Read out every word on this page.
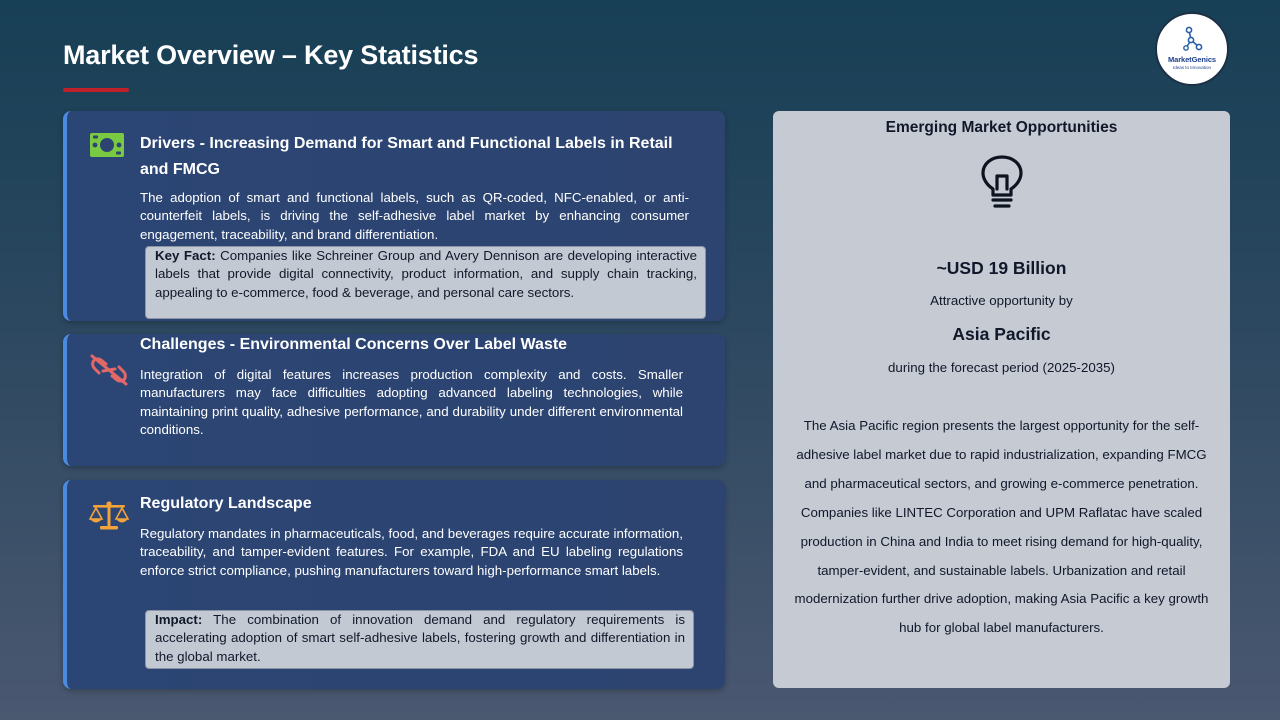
Market Overview – Key Statistics	MarketGenics
Ideas to Innovation
Drivers - Increasing Demand for Smart and Functional Labels in Retail and FMCG
The adoption of smart and functional labels, such as QR-coded, NFC-enabled, or anti-counterfeit labels, is driving the self-adhesive label market by enhancing consumer engagement, traceability, and brand differentiation.
Key Fact: Companies like Schreiner Group and Avery Dennison are developing interactive labels that provide digital connectivity, product information, and supply chain tracking, appealing to e-commerce, food & beverage, and personal care sectors.
Challenges - Environmental Concerns Over Label Waste
Integration of digital features increases production complexity and costs. Smaller manufacturers may face difficulties adopting advanced labeling technologies, while maintaining print quality, adhesive performance, and durability under different environmental conditions.
Regulatory Landscape
Regulatory mandates in pharmaceuticals, food, and beverages require accurate information, traceability, and tamper-evident features. For example, FDA and EU labeling regulations enforce strict compliance, pushing manufacturers toward high-performance smart labels.
Impact: The combination of innovation demand and regulatory requirements is accelerating adoption of smart self-adhesive labels, fostering growth and differentiation in the global market.
Emerging Market Opportunities
~USD 19 Billion
Attractive opportunity by
Asia Pacific
during the forecast period (2025-2035)
The Asia Pacific region presents the largest opportunity for the self-adhesive label market due to rapid industrialization, expanding FMCG and pharmaceutical sectors, and growing e-commerce penetration. Companies like LINTEC Corporation and UPM Raflatac have scaled production in China and India to meet rising demand for high-quality, tamper-evident, and sustainable labels. Urbanization and retail modernization further drive adoption, making Asia Pacific a key growth hub for global label manufacturers.
